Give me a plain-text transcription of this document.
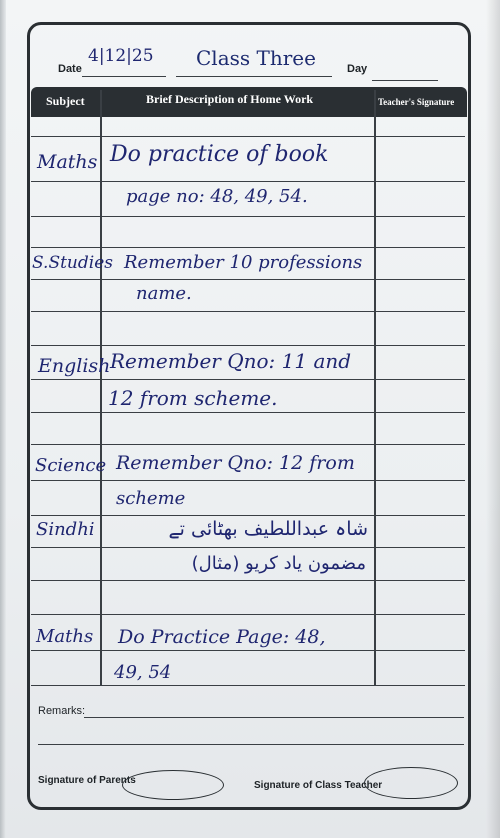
Date
4|12|25 Class Three	Day
Subject	Brief Description of Home Work	Teacher's Signature
Maths Do practice of book
page no: 48, 49, 54.
S.Studies Remember 10 professions
name.
English Remember Qno: 11 and
12 from scheme.
Science Remember Qno: 12 from
scheme
Sindhi	شاہ عبداللطیف بھٹائی تے
مضمون یاد کریو (مثال)
Maths Do Practice Page: 48,
49, 54
Remarks:
Signature of Parents	Signature of Class Teacher
